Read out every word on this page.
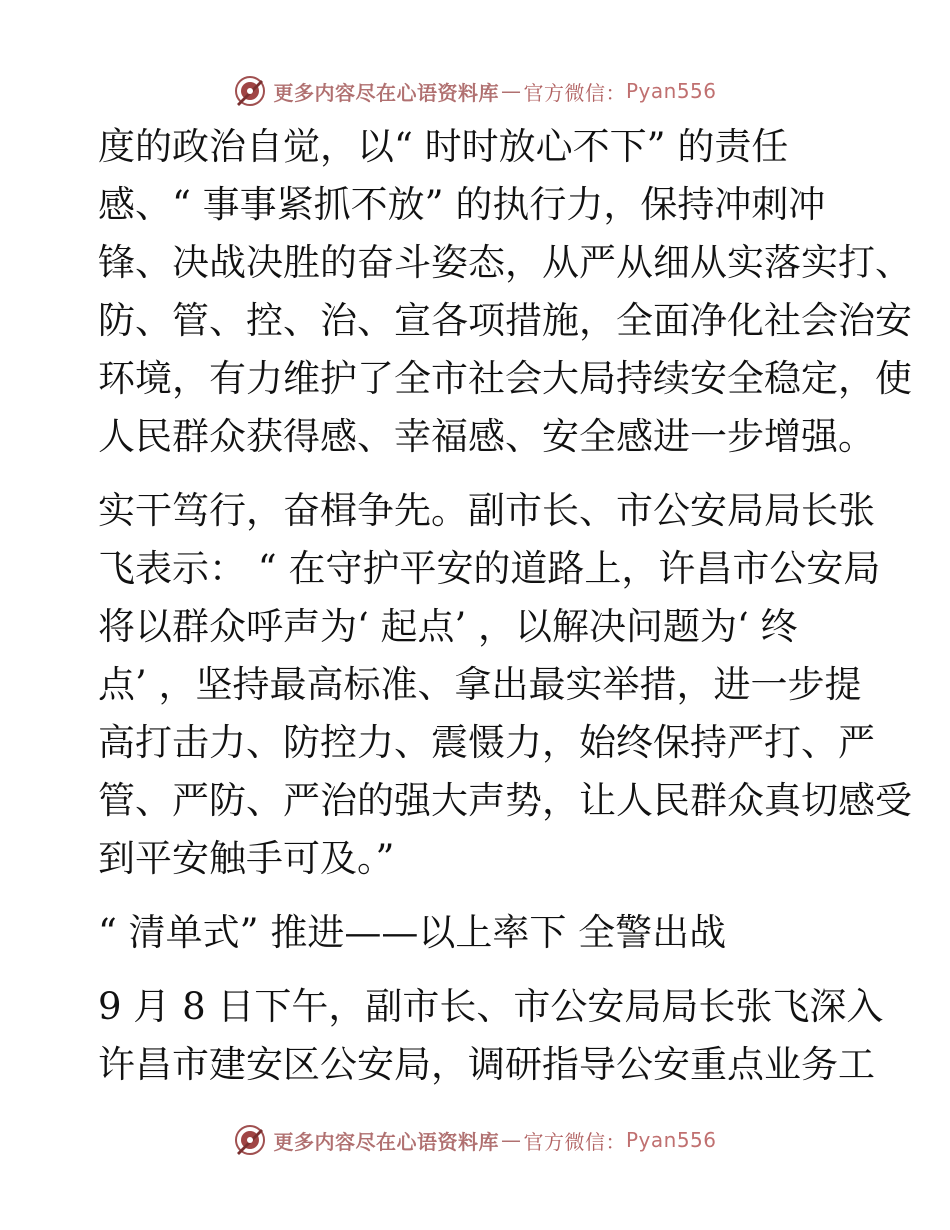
更多内容尽在心语资料库 — 官方微信： Pyan556
度的政治自觉，以“ 时时放心不下” 的责任
感、“ 事事紧抓不放” 的执行力，保持冲刺冲
锋、决战决胜的奋斗姿态，从严从细从实落实打、
防、管、控、治、宣各项措施，全面净化社会治安
环境，有力维护了全市社会大局持续安全稳定，使
人民群众获得感、幸福感、安全感进一步增强。
实干笃行，奋楫争先。副市长、市公安局局长张
飞表示： “ 在守护平安的道路上，许昌市公安局
将以群众呼声为‘ 起点’ ，以解决问题为‘ 终
点’ ，坚持最高标准、拿出最实举措，进一步提
高打击力、防控力、震慑力，始终保持严打、严
管、严防、严治的强大声势，让人民群众真切感受
到平安触手可及。”
“ 清单式” 推进——以上率下 全警出战
9 月 8 日下午，副市长、市公安局局长张飞深入
许昌市建安区公安局，调研指导公安重点业务工
更多内容尽在心语资料库 — 官方微信： Pyan556
